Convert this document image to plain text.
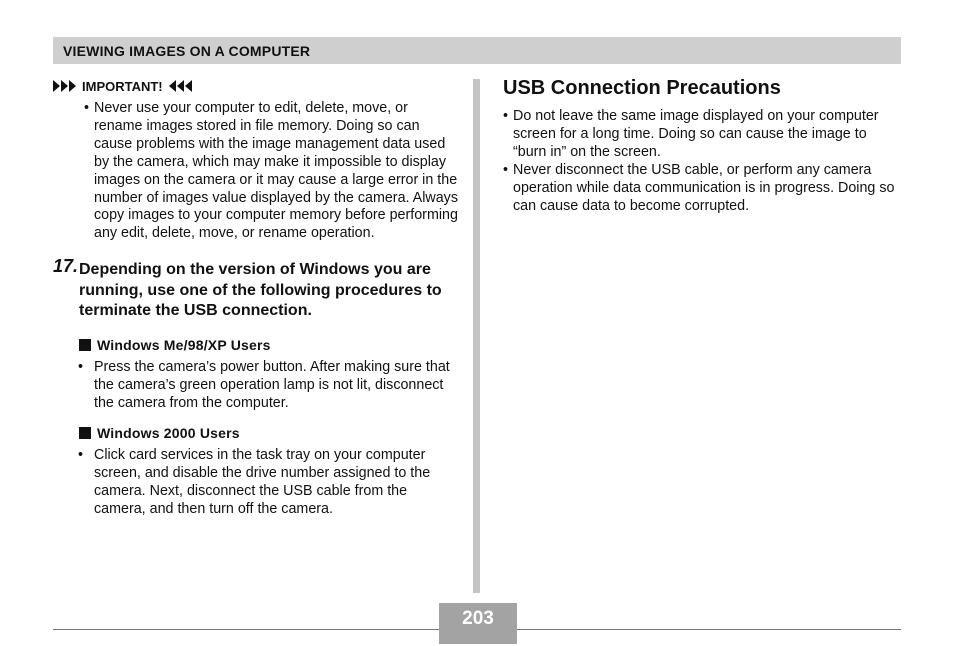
VIEWING IMAGES ON A COMPUTER
IMPORTANT!
• Never use your computer to edit, delete, move, or rename images stored in file memory. Doing so can cause problems with the image management data used by the camera, which may make it impossible to display images on the camera or it may cause a large error in the number of images value displayed by the camera. Always copy images to your computer memory before performing any edit, delete, move, or rename operation.
17. Depending on the version of Windows you are running, use one of the following procedures to terminate the USB connection.
Windows Me/98/XP Users
• Press the camera’s power button. After making sure that the camera’s green operation lamp is not lit, disconnect the camera from the computer.
Windows 2000 Users
• Click card services in the task tray on your computer screen, and disable the drive number assigned to the camera. Next, disconnect the USB cable from the camera, and then turn off the camera.
USB Connection Precautions
• Do not leave the same image displayed on your computer screen for a long time. Doing so can cause the image to “burn in” on the screen.
• Never disconnect the USB cable, or perform any camera operation while data communication is in progress. Doing so can cause data to become corrupted.
203
